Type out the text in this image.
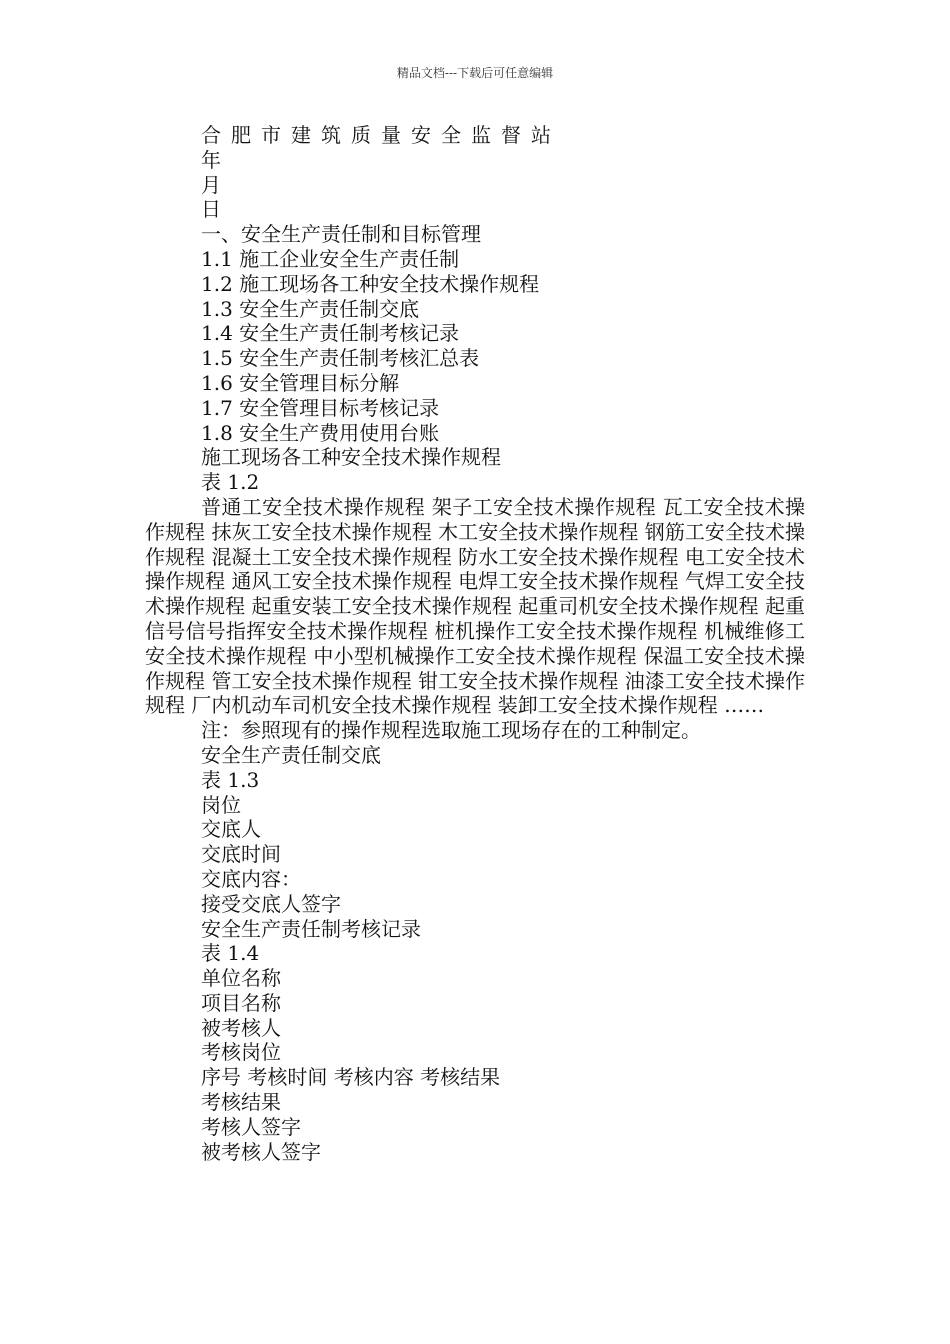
精品文档---下载后可任意编辑
合肥市建筑质量安全监督站
年
月
日
一、安全生产责任制和目标管理
1.1 施工企业安全生产责任制
1.2 施工现场各工种安全技术操作规程
1.3 安全生产责任制交底
1.4 安全生产责任制考核记录
1.5 安全生产责任制考核汇总表
1.6 安全管理目标分解
1.7 安全管理目标考核记录
1.8 安全生产费用使用台账
施工现场各工种安全技术操作规程
表 1.2
普通工安全技术操作规程 架子工安全技术操作规程 瓦工安全技术操作规程 抹灰工安全技术操作规程 木工安全技术操作规程 钢筋工安全技术操作规程 混凝土工安全技术操作规程 防水工安全技术操作规程 电工安全技术操作规程 通风工安全技术操作规程 电焊工安全技术操作规程 气焊工安全技术操作规程 起重安装工安全技术操作规程 起重司机安全技术操作规程 起重信号信号指挥安全技术操作规程 桩机操作工安全技术操作规程 机械维修工安全技术操作规程 中小型机械操作工安全技术操作规程 保温工安全技术操作规程 管工安全技术操作规程 钳工安全技术操作规程 油漆工安全技术操作规程 厂内机动车司机安全技术操作规程 装卸工安全技术操作规程 ……
注：参照现有的操作规程选取施工现场存在的工种制定。
安全生产责任制交底
表 1.3
岗位
交底人
交底时间
交底内容：
接受交底人签字
安全生产责任制考核记录
表 1.4
单位名称
项目名称
被考核人
考核岗位
序号 考核时间 考核内容 考核结果
考核结果
考核人签字
被考核人签字
